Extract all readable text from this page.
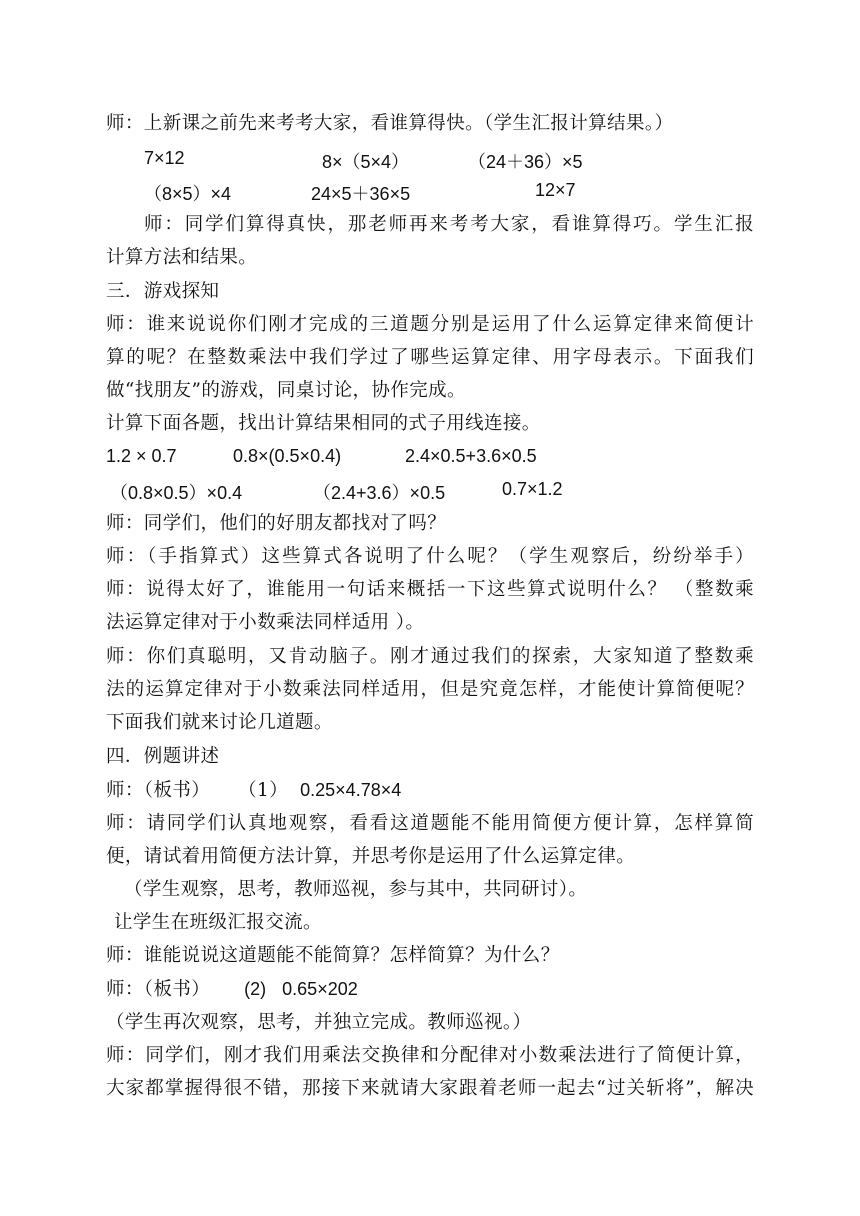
师：上新课之前先来考考大家，看谁算得快。（学生汇报计算结果。）
7×12	8×（5×4）	（24＋36）×5
（8×5）×4	24×5＋36×5	12×7
师：同学们算得真快，那老师再来考考大家，看谁算得巧。学生汇报
计算方法和结果。
三．游戏探知
师：谁来说说你们刚才完成的三道题分别是运用了什么运算定律来简便计
算的呢？在整数乘法中我们学过了哪些运算定律、用字母表示。下面我们
做“找朋友”的游戏，同桌讨论，协作完成。
计算下面各题，找出计算结果相同的式子用线连接。
1.2 × 0.7	0.8×(0.5×0.4)	2.4×0.5+3.6×0.5
（0.8×0.5）×0.4	（2.4+3.6）×0.5	0.7×1.2
师：同学们，他们的好朋友都找对了吗？
师：（手指算式）这些算式各说明了什么呢？（学生观察后，纷纷举手）
师：说得太好了，谁能用一句话来概括一下这些算式说明什么？ （整数乘
法运算定律对于小数乘法同样适用 ）。
师：你们真聪明，又肯动脑子。刚才通过我们的探索，大家知道了整数乘
法的运算定律对于小数乘法同样适用，但是究竟怎样，才能使计算简便呢？
下面我们就来讨论几道题。
四．例题讲述
师：（板书） （1） 0.25×4.78×4
师：请同学们认真地观察，看看这道题能不能用简便方便计算，怎样算简
便，请试着用简便方法计算，并思考你是运用了什么运算定律。
（学生观察，思考，教师巡视，参与其中，共同研讨）。
让学生在班级汇报交流。
师：谁能说说这道题能不能简算？怎样简算？为什么？
师：（板书） (2) 0.65×202
（学生再次观察，思考，并独立完成。教师巡视。）
师：同学们，刚才我们用乘法交换律和分配律对小数乘法进行了简便计算，
大家都掌握得很不错，那接下来就请大家跟着老师一起去“过关斩将”，解决
